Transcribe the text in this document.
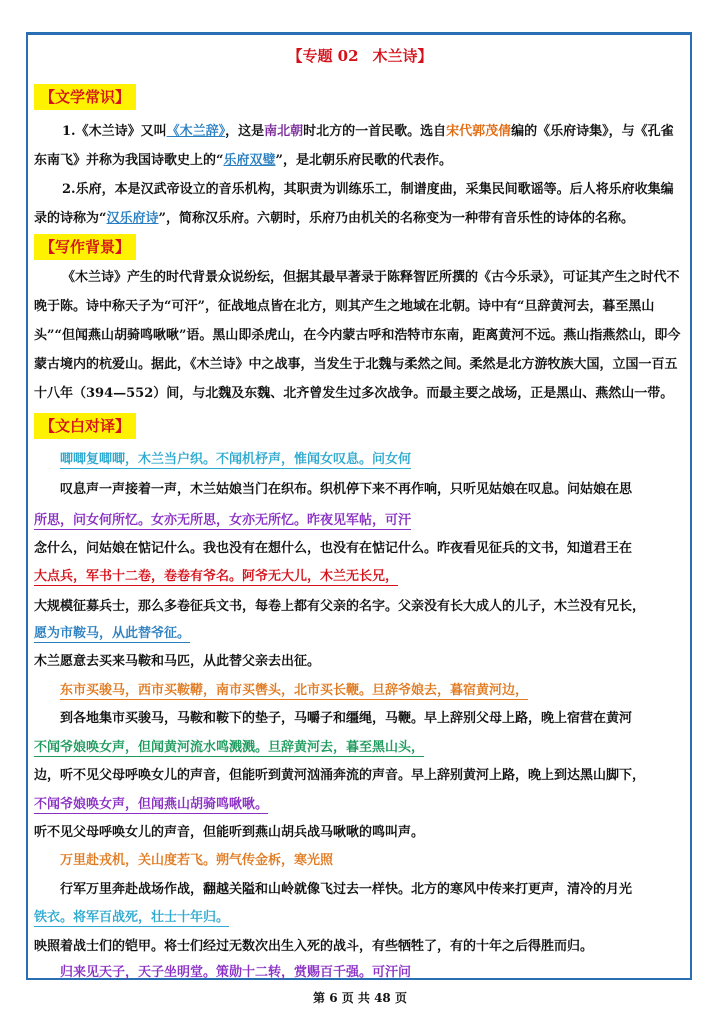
【专题 02 木兰诗】
【文学常识】

1.《木兰诗》又叫《木兰辞》，这是南北朝时北方的一首民歌。选自宋代郭茂倩编的《乐府诗集》，与《孔雀东南飞》并称为我国诗歌史上的“乐府双璧”，是北朝乐府民歌的代表作。

2.乐府，本是汉武帝设立的音乐机构，其职责为训练乐工，制谱度曲，采集民间歌谣等。后人将乐府收集编录的诗称为“汉乐府诗”，简称汉乐府。六朝时，乐府乃由机关的名称变为一种带有音乐性的诗体的名称。

【写作背景】

《木兰诗》产生的时代背景众说纷纭，但据其最早著录于陈释智匠所撰的《古今乐录》，可证其产生之时代不晚于陈。诗中称天子为“可汗”，征战地点皆在北方，则其产生之地域在北朝。诗中有“旦辞黄河去，暮至黑山头”“但闻燕山胡骑鸣啾啾”语。黑山即杀虎山，在今内蒙古呼和浩特市东南，距离黄河不远。燕山指燕然山，即今蒙古境内的杭爱山。据此，《木兰诗》中之战事，当发生于北魏与柔然之间。柔然是北方游牧族大国，立国一百五十八年（394—552）间，与北魏及东魏、北齐曾发生过多次战争。而最主要之战场，正是黑山、燕然山一带。

【文白对译】

唧唧复唧唧，木兰当户织。不闻机杼声，惟闻女叹息。问女何

叹息声一声接着一声，木兰姑娘当门在织布。织机停下来不再作响，只听见姑娘在叹息。问姑娘在思

所思，问女何所忆。女亦无所思，女亦无所忆。昨夜见军帖，可汗

念什么，问姑娘在惦记什么。我也没有在想什么，也没有在惦记什么。昨夜看见征兵的文书，知道君王在

大点兵，军书十二卷，卷卷有爷名。阿爷无大儿，木兰无长兄，

大规模征募兵士，那么多卷征兵文书，每卷上都有父亲的名字。父亲没有长大成人的儿子，木兰没有兄长，

愿为市鞍马，从此替爷征。

木兰愿意去买来马鞍和马匹，从此替父亲去出征。

东市买骏马，西市买鞍鞯，南市买辔头，北市买长鞭。旦辞爷娘去，暮宿黄河边，

到各地集市买骏马，马鞍和鞍下的垫子，马嚼子和缰绳，马鞭。早上辞别父母上路，晚上宿营在黄河

不闻爷娘唤女声，但闻黄河流水鸣溅溅。旦辞黄河去，暮至黑山头，

边，听不见父母呼唤女儿的声音，但能听到黄河汹涌奔流的声音。早上辞别黄河上路，晚上到达黑山脚下，

不闻爷娘唤女声，但闻燕山胡骑鸣啾啾。

听不见父母呼唤女儿的声音，但能听到燕山胡兵战马啾啾的鸣叫声。

万里赴戎机，关山度若飞。朔气传金柝，寒光照

行军万里奔赴战场作战，翻越关隘和山岭就像飞过去一样快。北方的寒风中传来打更声，清冷的月光

铁衣。将军百战死，壮士十年归。

映照着战士们的铠甲。将士们经过无数次出生入死的战斗，有些牺牲了，有的十年之后得胜而归。

归来见天子，天子坐明堂。策勋十二转，赏赐百千强。可汗问

第 6 页 共 48 页
